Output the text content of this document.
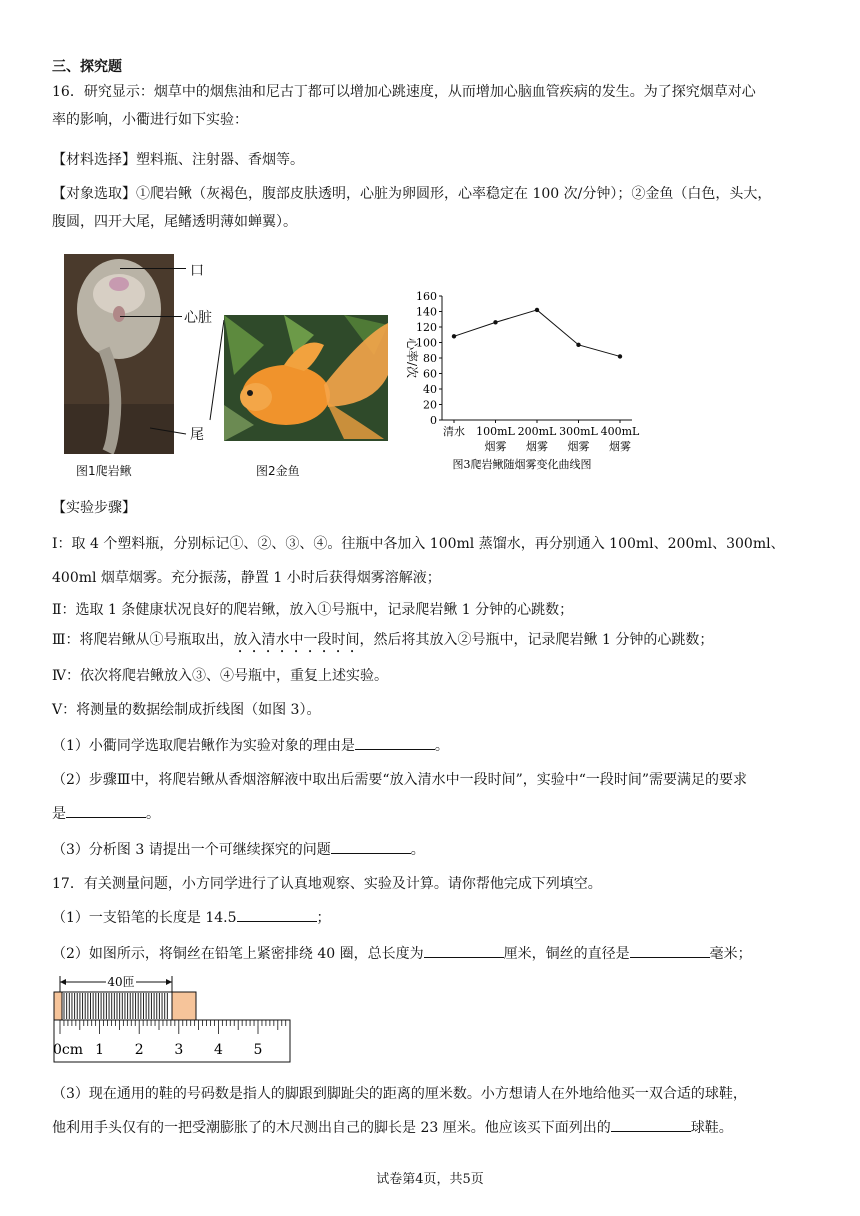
三、探究题
16．研究显示：烟草中的烟焦油和尼古丁都可以增加心跳速度，从而增加心脑血管疾病的发生。为了探究烟草对心
率的影响，小衢进行如下实验：
【材料选择】塑料瓶、注射器、香烟等。
【对象选取】①爬岩鳅（灰褐色，腹部皮肤透明，心脏为卵圆形，心率稳定在 100 次/分钟）；②金鱼（白色，头大，
腹圆，四开大尾，尾鳍透明薄如蝉翼）。
口
心脏
尾
图1爬岩鳅	图2金鱼
0
20
40
60
80
100
120
140
160
清水 100mL
烟雾
200mL
烟雾
300mL
烟雾
400mL
烟雾
心率/次
图3爬岩鳅随烟雾变化曲线图
【实验步骤】
Ⅰ：取 4 个塑料瓶，分别标记①、②、③、④。往瓶中各加入 100ml 蒸馏水，再分别通入 100ml、200ml、300ml、
400ml 烟草烟雾。充分振荡，静置 1 小时后获得烟雾溶解液；
Ⅱ：选取 1 条健康状况良好的爬岩鳅，放入①号瓶中，记录爬岩鳅 1 分钟的心跳数；
Ⅲ：将爬岩鳅从①号瓶取出，放入清水中一段时间，然后将其放入②号瓶中，记录爬岩鳅 1 分钟的心跳数；
Ⅳ：依次将爬岩鳅放入③、④号瓶中，重复上述实验。
Ⅴ：将测量的数据绘制成折线图（如图 3）。
（1）小衢同学选取爬岩鳅作为实验对象的理由是	。
（2）步骤Ⅲ中，将爬岩鳅从香烟溶解液中取出后需要“放入清水中一段时间”，实验中“一段时间”需要满足的要求
是	。
（3）分析图 3 请提出一个可继续探究的问题	。
17．有关测量问题，小方同学进行了认真地观察、实验及计算。请你帮他完成下列填空。
（1）一支铅笔的长度是 14.5	；
（2）如图所示，将铜丝在铅笔上紧密排绕 40 圈，总长度为	厘米，铜丝的直径是	毫米；
40匝
0cm 1 2 3 4 5
（3）现在通用的鞋的号码数是指人的脚跟到脚趾尖的距离的厘米数。小方想请人在外地给他买一双合适的球鞋，
他利用手头仅有的一把受潮膨胀了的木尺测出自己的脚长是 23 厘米。他应该买下面列出的	球鞋。
试卷第4页，共5页
